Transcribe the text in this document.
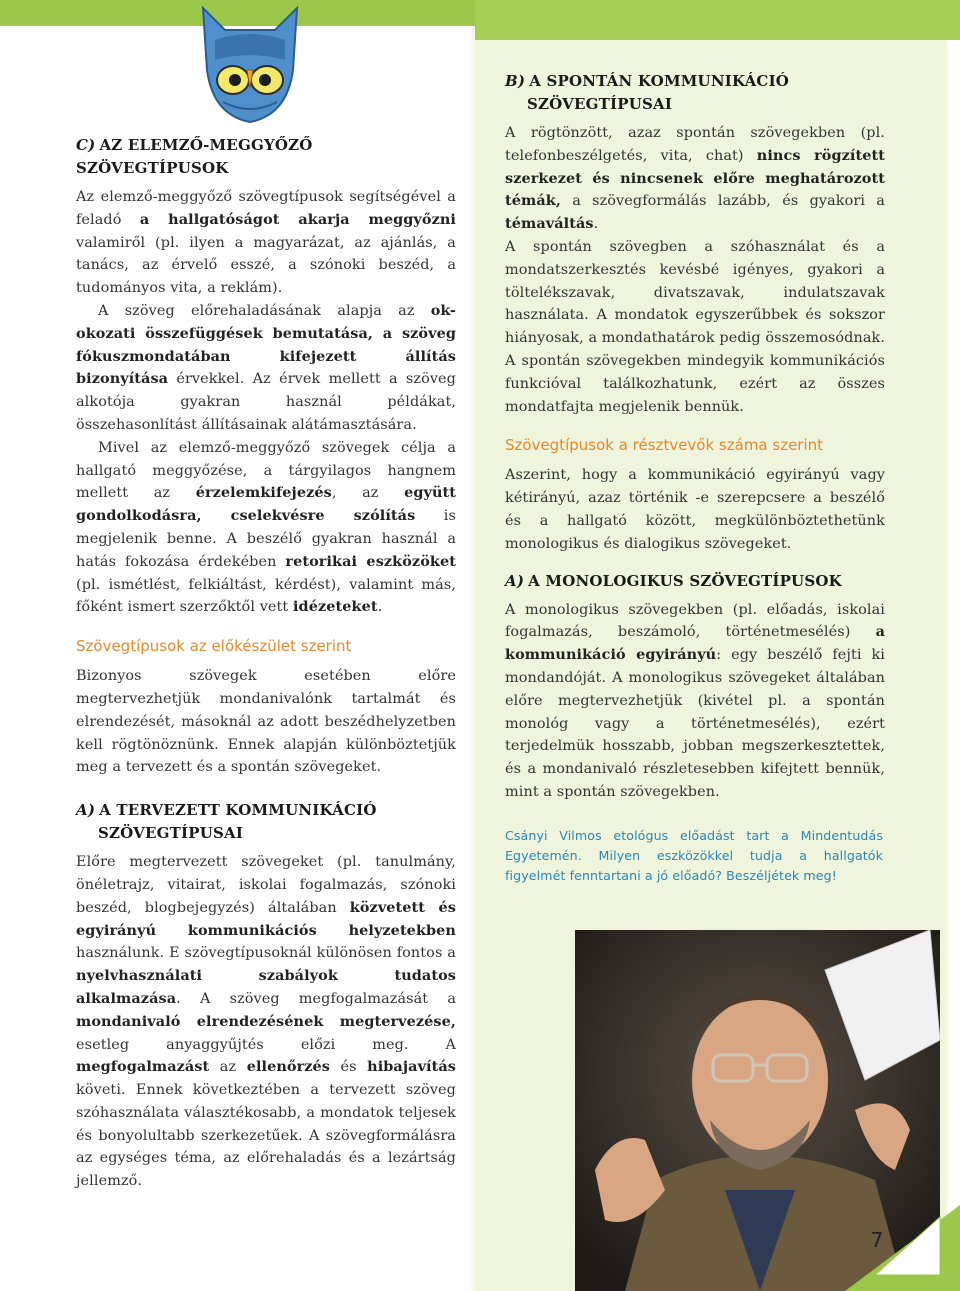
C) AZ ELEMZŐ-MEGGYŐZŐ
SZÖVEGTÍPUSOK

Az elemző-meggyőző szövegtípusok segítségével a feladó a hallgatóságot akarja meggyőzni valamiről (pl. ilyen a magyarázat, az ajánlás, a tanács, az érvelő esszé, a szónoki beszéd, a tudományos vita, a reklám).

A szöveg előrehaladásának alapja az ok-okozati összefüggések bemutatása, a szöveg fókuszmondatában kifejezett állítás bizonyítása érvekkel. Az érvek mellett a szöveg alkotója gyakran használ példákat, összehasonlítást állításainak alátámasztására.

Mivel az elemző-meggyőző szövegek célja a hallgató meggyőzése, a tárgyilagos hangnem mellett az érzelemkifejezés, az együtt gondolkodásra, cselekvésre szólítás is megjelenik benne. A beszélő gyakran használ a hatás fokozása érdekében retorikai eszközöket (pl. ismétlést, felkiáltást, kérdést), valamint más, főként ismert szerzőktől vett idézeteket.

Szövegtípusok az előkészület szerint

Bizonyos szövegek esetében előre megtervezhetjük mondanivalónk tartalmát és elrendezését, másoknál az adott beszédhelyzetben kell rögtönöznünk. Ennek alapján különböztetjük meg a tervezett és a spontán szövegeket.

A) A TERVEZETT KOMMUNIKÁCIÓ
SZÖVEGTÍPUSAI

Előre megtervezett szövegeket (pl. tanulmány, önéletrajz, vitairat, iskolai fogalmazás, szónoki beszéd, blogbejegyzés) általában közvetett és egyirányú kommunikációs helyzetekben használunk. E szövegtípusoknál különösen fontos a nyelvhasználati szabályok tudatos alkalmazása. A szöveg megfogalmazását a mondanivaló elrendezésének megtervezése, esetleg anyaggyűjtés előzi meg. A megfogalmazást az ellenőrzés és hibajavítás követi. Ennek következtében a tervezett szöveg szóhasználata választékosabb, a mondatok teljesek és bonyolultabb szerkezetűek. A szövegformálásra az egységes téma, az előrehaladás és a lezártság jellemző.

B) A SPONTÁN KOMMUNIKÁCIÓ
SZÖVEGTÍPUSAI

A rögtönzött, azaz spontán szövegekben (pl. telefonbeszélgetés, vita, chat) nincs rögzített szerkezet és nincsenek előre meghatározott témák, a szövegformálás lazább, és gyakori a témaváltás.

A spontán szövegben a szóhasználat és a mondatszerkesztés kevésbé igényes, gyakori a töltelékszavak, divatszavak, indulatszavak használata. A mondatok egyszerűbbek és sokszor hiányosak, a mondathatárok pedig összemosódnak. A spontán szövegekben mindegyik kommunikációs funkcióval találkozhatunk, ezért az összes mondatfajta megjelenik bennük.

Szövegtípusok a résztvevők száma szerint

Aszerint, hogy a kommunikáció egyirányú vagy kétirányú, azaz történik -e szerepcsere a beszélő és a hallgató között, megkülönböztethetünk monologikus és dialogikus szövegeket.

A) A MONOLOGIKUS SZÖVEGTÍPUSOK

A monologikus szövegekben (pl. előadás, iskolai fogalmazás, beszámoló, történetmesélés) a kommunikáció egyirányú: egy beszélő fejti ki mondandóját. A monologikus szövegeket általában előre megtervezhetjük (kivétel pl. a spontán monológ vagy a történetmesélés), ezért terjedelmük hosszabb, jobban megszerkesztettek, és a mondanivaló részletesebben kifejtett bennük, mint a spontán szövegekben.

Csányi Vilmos etológus előadást tart a Mindentudás Egyetemén. Milyen eszközökkel tudja a hallgatók figyelmét fenntartani a jó előadó? Beszéljétek meg!

7
